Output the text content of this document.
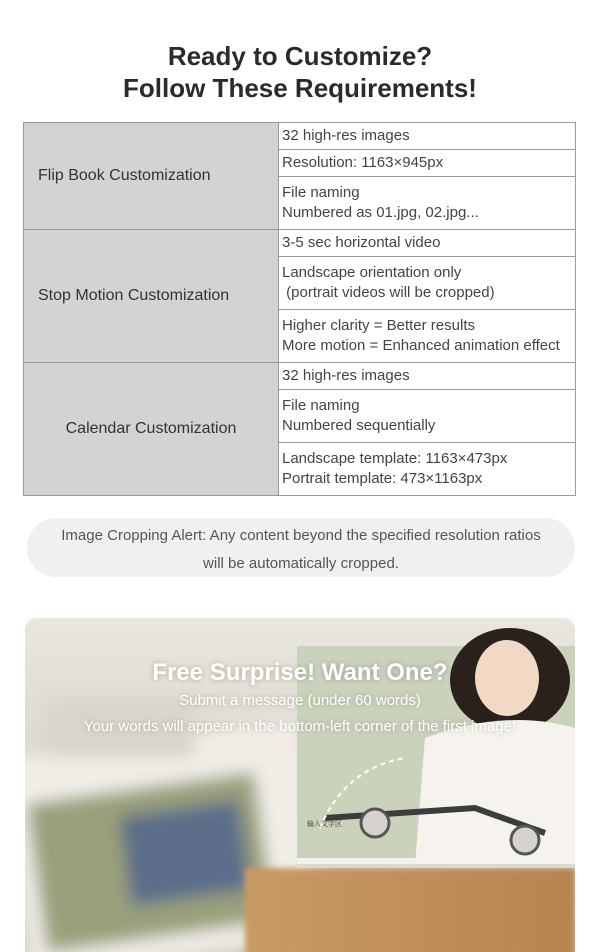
Ready to Customize?
Follow These Requirements!
Flip Book Customization	32 high-res images

	Resolution: 1163×945px

	File naming
Numbered as 01.jpg, 02.jpg...

Stop Motion Customization	3-5 sec horizontal video

	Landscape orientation only
(portrait videos will be cropped)

	Higher clarity = Better results
More motion = Enhanced animation effect

Calendar Customization	32 high-res images

	File naming
Numbered sequentially

	Landscape template: 1163×473px
Portrait template: 473×1163px
Image Cropping Alert: Any content beyond the specified resolution ratios
will be automatically cropped.
输入文字区
Free Surprise! Want One?
Submit a message (under 60 words)
Your words will appear in the bottom-left corner of the first image!
